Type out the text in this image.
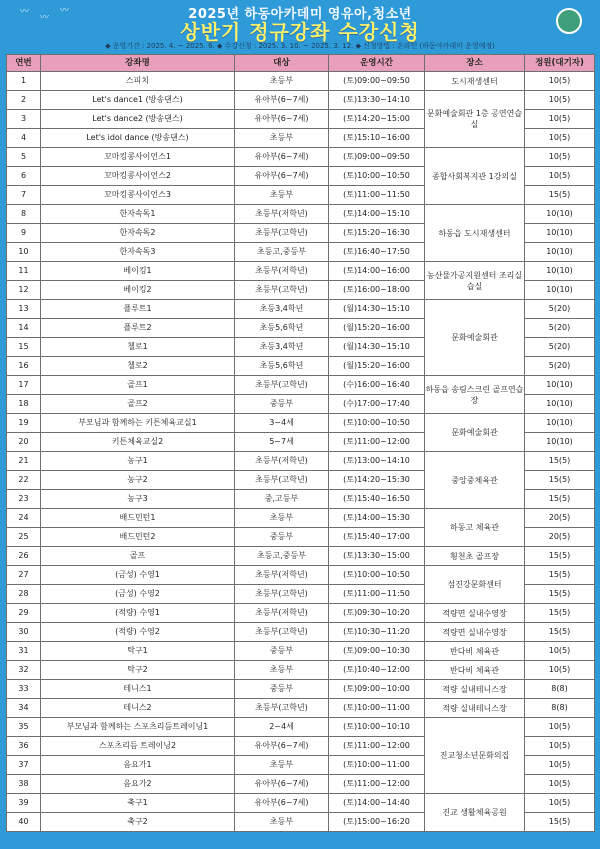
〰
〰
〰	2025년 하동아카데미 영유아,청소년
상반기 정규강좌 수강신청
◆ 운영기간 : 2025. 4. ~ 2025. 6. ◆ 수강신청 : 2025. 3. 10. ~ 2025. 3. 12. ◆ 신청방법 : 온라인 (하동아카데미 운영예정)
연번	강좌명	대상	운영시간	장소	정원(대기자)
1	스피치	초등부	(토)09:00~09:50	도시재생센터	10(5)
2	Let's dance1 (방송댄스)	유아부(6~7세)	(토)13:30~14:10	문화예술회관 1층 공연연습실	10(5)
3	Let's dance2 (방송댄스)	유아부(6~7세)	(토)14:20~15:00		10(5)
4	Let's idol dance (방송댄스)	초등부	(토)15:10~16:00		10(5)
5	꼬마킹콩사이언스1	유아부(6~7세)	(토)09:00~09:50	종합사회복지관 1강의실	10(5)
6	꼬마킹콩사이언스2	유아부(6~7세)	(토)10:00~10:50		10(5)
7	꼬마킹콩사이언스3	초등부	(토)11:00~11:50		15(5)
8	한자속독1	초등부(저학년)	(토)14:00~15:10	하동읍 도시재생센터	10(10)
9	한자속독2	초등부(고학년)	(토)15:20~16:30		10(10)
10	한자속독3	초등고,중등부	(토)16:40~17:50		10(10)
11	베이킹1	초등부(저학년)	(토)14:00~16:00	농산물가공지원센터 조리실습실	10(10)
12	베이킹2	초등부(고학년)	(토)16:00~18:00		10(10)
13	플루트1	초등3,4학년	(월)14:30~15:10	문화예술회관	5(20)
14	플루트2	초등5,6학년	(월)15:20~16:00		5(20)
15	첼로1	초등3,4학년	(월)14:30~15:10		5(20)
16	첼로2	초등5,6학년	(월)15:20~16:00		5(20)
17	골프1	초등부(고학년)	(수)16:00~16:40	하동읍 송림스크린 골프연습장	10(10)
18	골프2	중등부	(수)17:00~17:40		10(10)
19	부모님과 함께하는 키튼체육교실1	3~4세	(토)10:00~10:50	문화예술회관	10(10)
20	키튼체육교실2	5~7세	(토)11:00~12:00		10(10)
21	농구1	초등부(저학년)	(토)13:00~14:10	중앙중체육관	15(5)
22	농구2	초등부(고학년)	(토)14:20~15:30		15(5)
23	농구3	중,고등부	(토)15:40~16:50		15(5)
24	배드민턴1	초등부	(토)14:00~15:30	하동고 체육관	20(5)
25	배드민턴2	중등부	(토)15:40~17:00		20(5)
26	골프	초등고,중등부	(토)13:30~15:00	횡천초 골프장	15(5)
27	(금성) 수영1	초등부(저학년)	(토)10:00~10:50	섬진강문화센터	15(5)
28	(금성) 수영2	초등부(고학년)	(토)11:00~11:50		15(5)
29	(적량) 수영1	초등부(저학년)	(토)09:30~10:20	적량면 실내수영장	15(5)
30	(적량) 수영2	초등부(고학년)	(토)10:30~11:20	적량면 실내수영장	15(5)
31	탁구1	중등부	(토)09:00~10:30	반다비 체육관	10(5)
32	탁구2	초등부	(토)10:40~12:00	반다비 체육관	10(5)
33	테니스1	중등부	(토)09:00~10:00	적량 실내테니스장	8(8)
34	테니스2	초등부(고학년)	(토)10:00~11:00	적량 실내테니스장	8(8)
35	부모님과 함께하는 스포츠리듬트레이닝1	2~4세	(토)10:00~10:10	진교청소년문화의집	10(5)
36	스포츠리듬 트레이닝2	유아부(6~7세)	(토)11:00~12:00		10(5)
37	음요가1	초등부	(토)10:00~11:00		10(5)
38	음요가2	유아부(6~7세)	(토)11:00~12:00		10(5)
39	축구1	유아부(6~7세)	(토)14:00~14:40	진교 생활체육공원	10(5)
40	축구2	초등부	(토)15:00~16:20		15(5)
